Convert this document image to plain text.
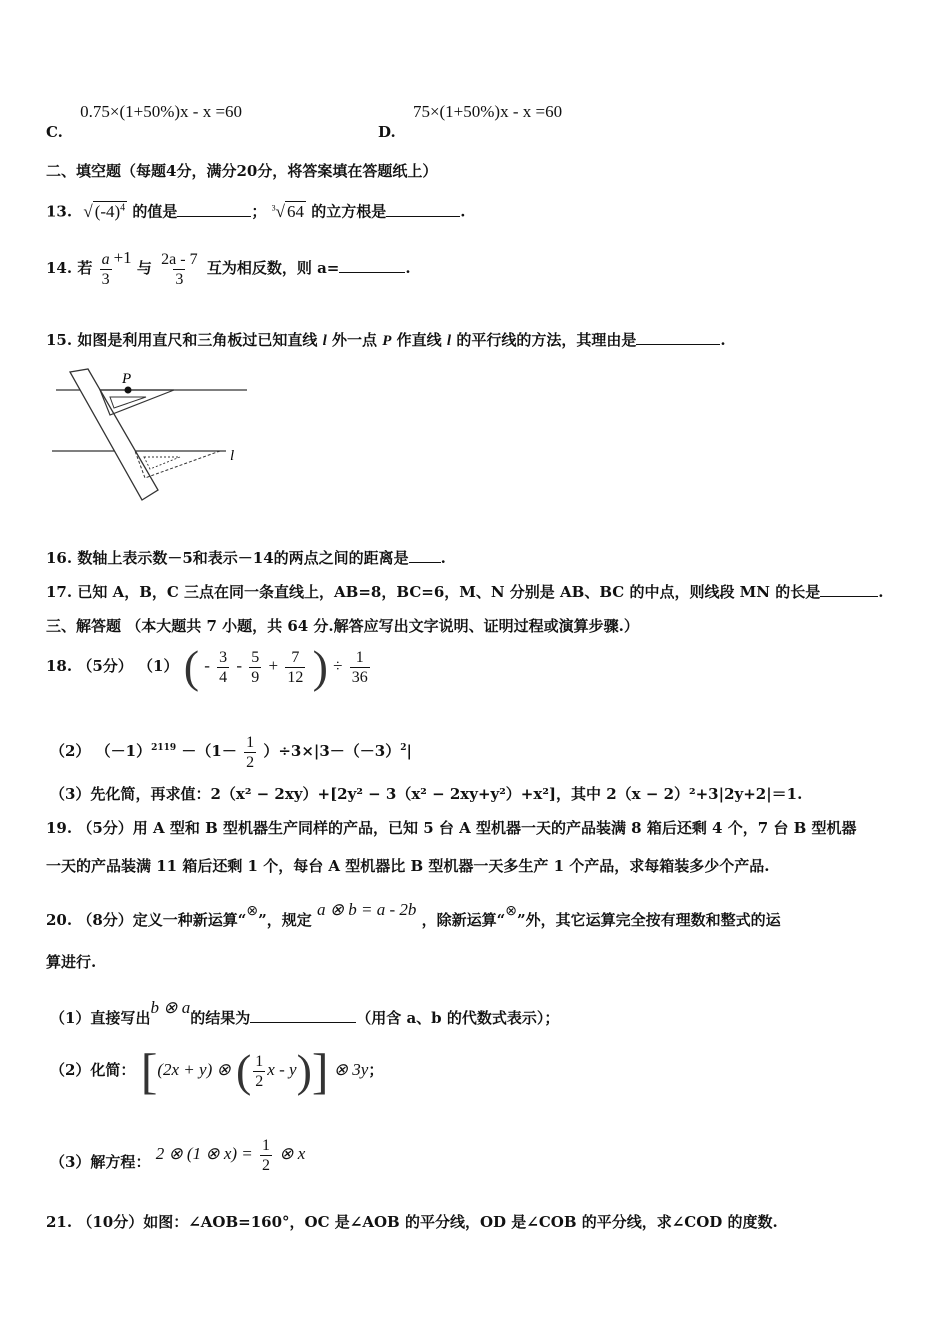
C. 0.75×(1+50%)x - x =60
D. 75×(1+50%)x - x =60
二、填空题（每题4分，满分20分，将答案填在答题纸上）
13. √ $(-4)^4$ 的值是	； $^3$√ 64 的立方根是	.
14. 若 $\frac{a}{3} +1$ 与 $\frac{2a - 7}{3}$ 互为相反数，则 a=	.
15. 如图是利用直尺和三角板过已知直线 l 外一点 P 作直线 l 的平行线的方法，其理由是	.
P
l
16. 数轴上表示数－5和表示－14的两点之间的距离是 .
17. 已知 A，B，C 三点在同一条直线上，AB=8，BC=6，M、N 分别是 AB、BC 的中点，则线段 MN 的长是	.
三、解答题 （本大题共 7 小题，共 64 分.解答应写出文字说明、证明过程或演算步骤.）
18. （5分） （1） ( - $\frac{3}{4} - \frac{5}{9} + \frac{7}{12}$ ) ÷ $\frac{1}{36}$
（2） $(-1)^{2119} -(1- \frac{1}{2} )\div 3\times|3-(-3)^2|$
（3）先化简，再求值：2（x² − 2xy）+[2y² − 3（x² − 2xy+y²）+x²]，其中 2（x − 2）²+3|2y+2|＝1.
19. （5分）用 A 型和 B 型机器生产同样的产品，已知 5 台 A 型机器一天的产品装满 8 箱后还剩 4 个，7 台 B 型机器
一天的产品装满 11 箱后还剩 1 个，每台 A 型机器比 B 型机器一天多生产 1 个产品，求每箱装多少个产品.
20. （8分）定义一种新运算“⊗”，规定 a ⊗ b = a - 2b ，除新运算“⊗”外，其它运算完全按有理数和整式的运
算进行.
（1）直接写出b ⊗ a的结果为	（用含 a、b 的代数式表示）；
（2）化简： [(2x + y) ⊗ ( $\frac{1}{2}$ x - y)] ⊗ 3y；
（3）解方程： 2 ⊗ (1 ⊗ $x) = \frac{1}{2}$ ⊗ x
21. （10分）如图：∠AOB=160°，OC 是∠AOB 的平分线，OD 是∠COB 的平分线，求∠COD 的度数.
